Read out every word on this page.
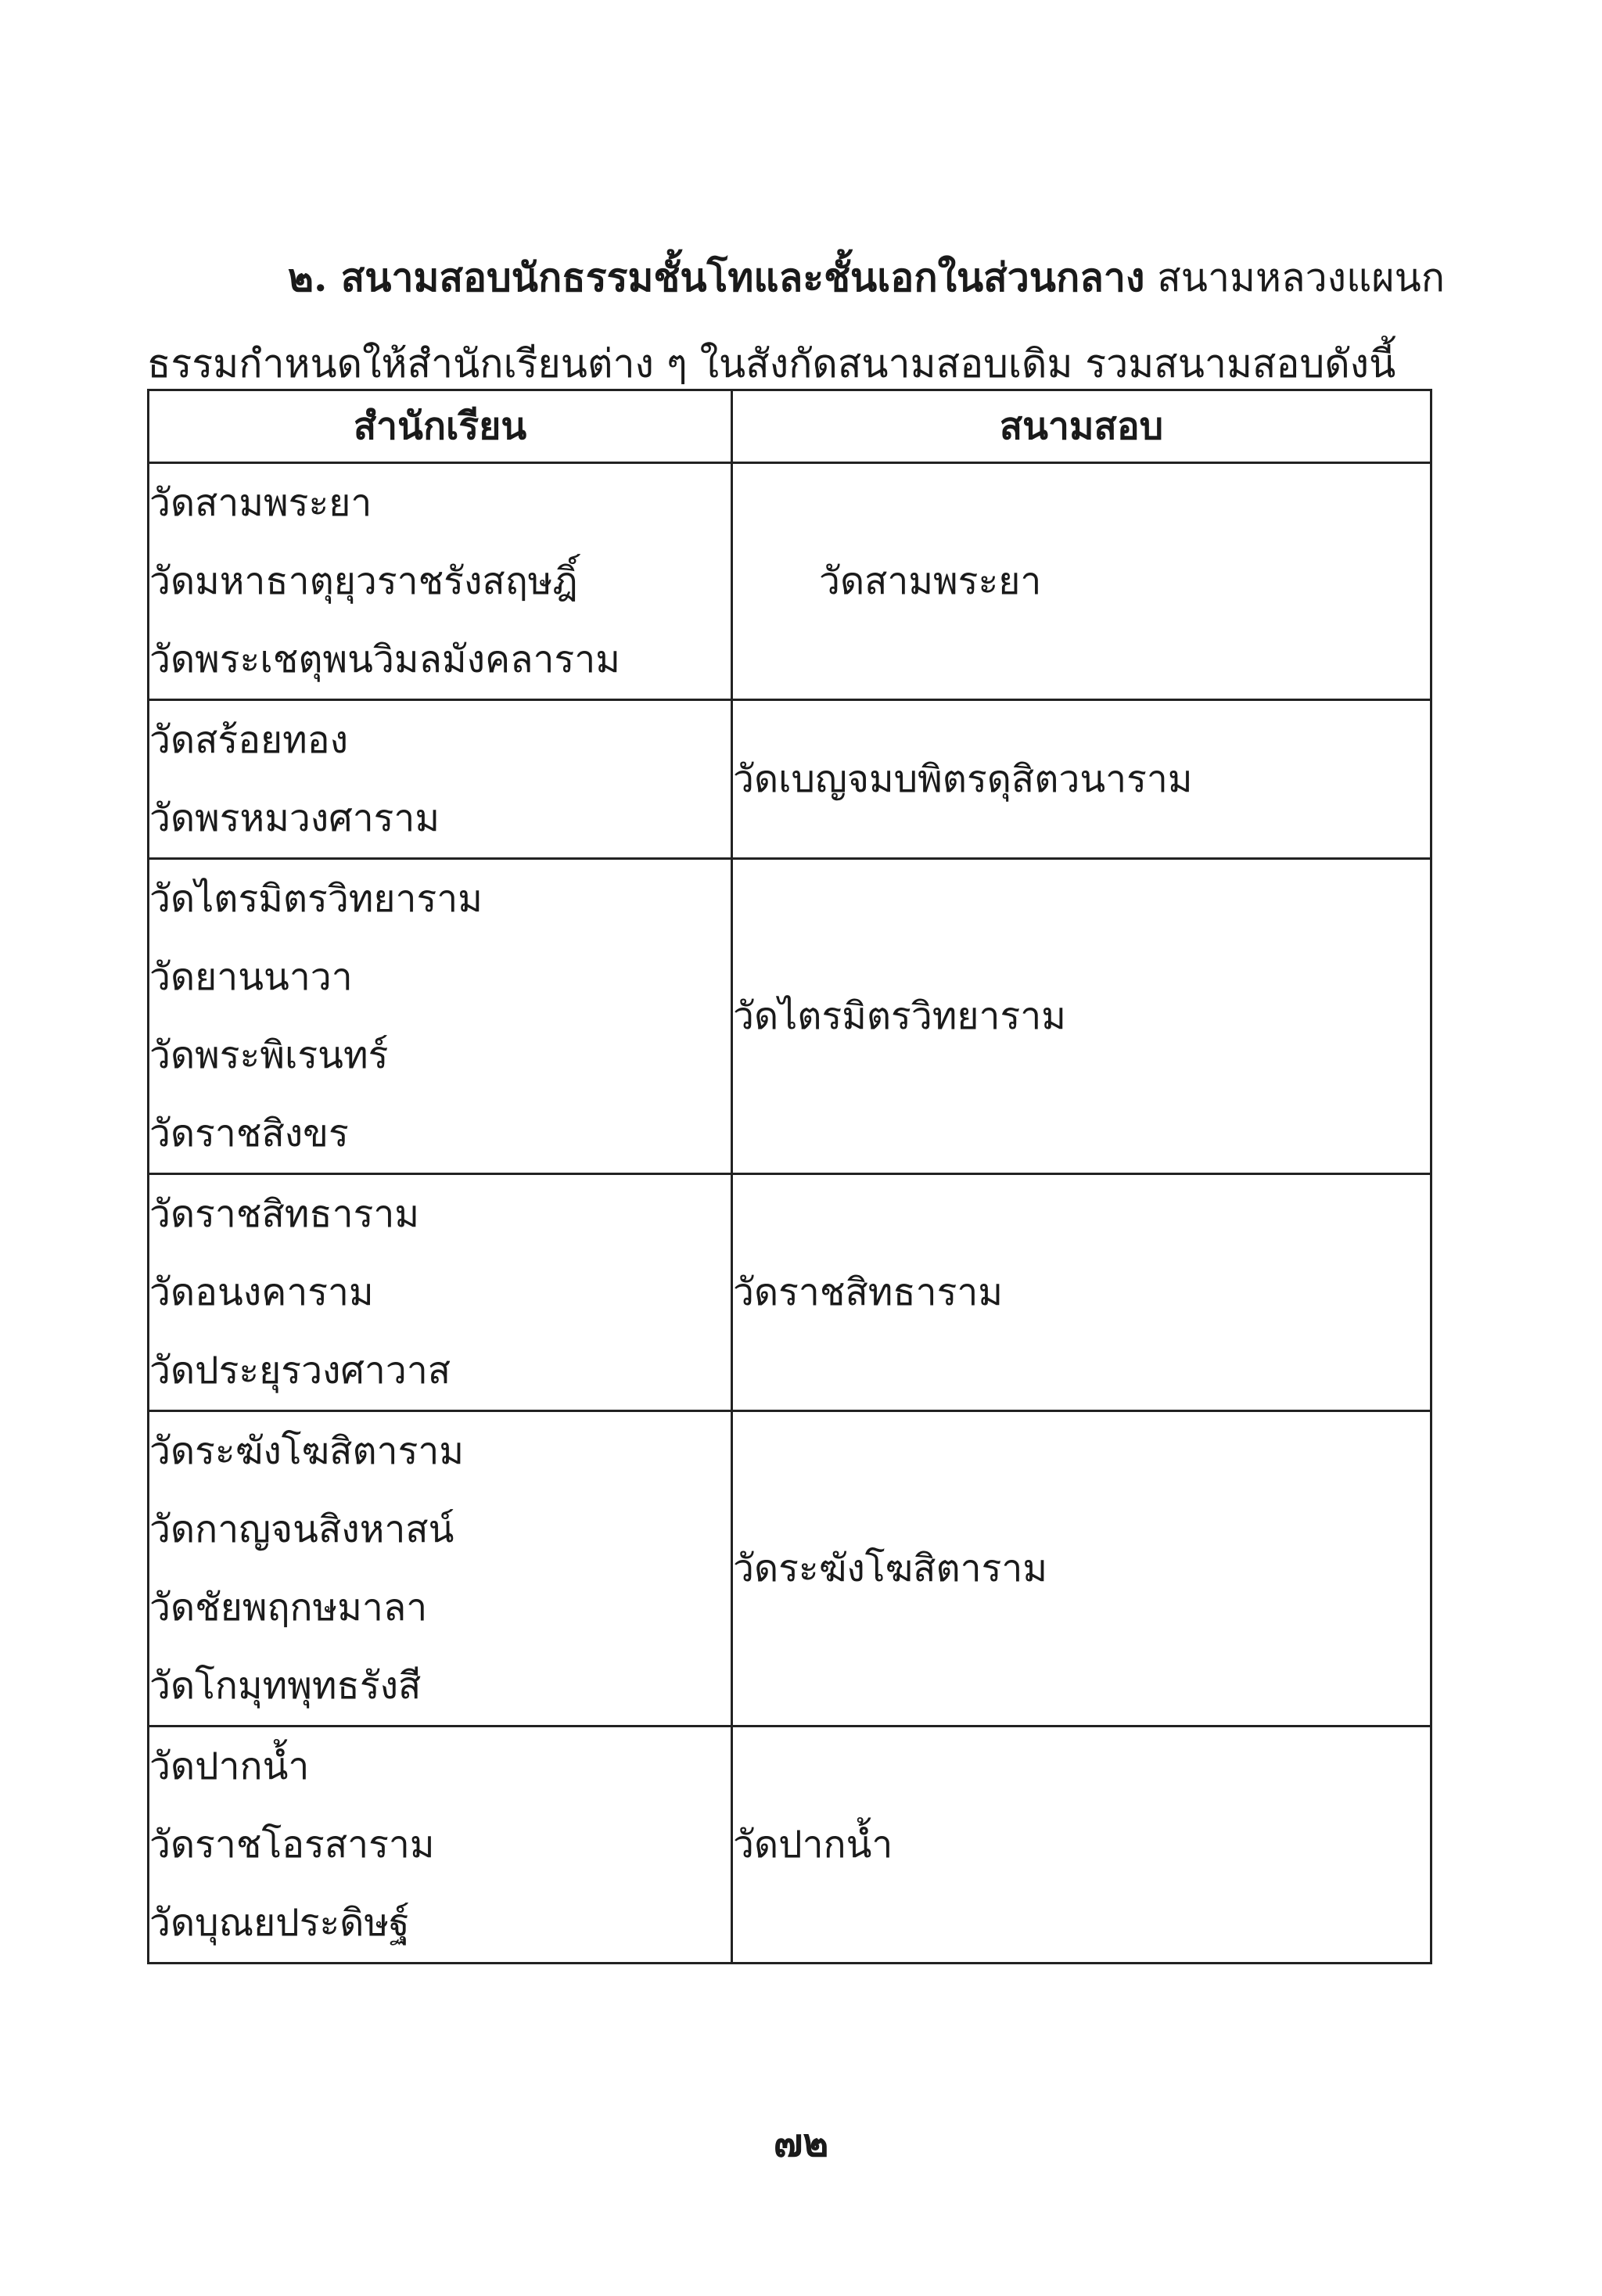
๒. สนามสอบนักธรรมชั้นโทและชั้นเอกในส่วนกลาง สนามหลวงแผนก
ธรรมกำหนดให้สำนักเรียนต่าง ๆ ในสังกัดสนามสอบเดิม รวมสนามสอบดังนี้
สำนักเรียน	สนามสอบ

วัดสามพระยา
วัดมหาธาตุยุวราชรังสฤษฎิ์
วัดพระเชตุพนวิมลมังคลาราม	วัดสามพระยา

วัดสร้อยทอง
วัดพรหมวงศาราม	วัดเบญจมบพิตรดุสิตวนาราม

วัดไตรมิตรวิทยาราม
วัดยานนาวา
วัดพระพิเรนทร์
วัดราชสิงขร	วัดไตรมิตรวิทยาราม

วัดราชสิทธาราม
วัดอนงคาราม
วัดประยุรวงศาวาส	วัดราชสิทธาราม

วัดระฆังโฆสิตาราม
วัดกาญจนสิงหาสน์
วัดชัยพฤกษมาลา
วัดโกมุทพุทธรังสี	วัดระฆังโฆสิตาราม

วัดปากน้ำ
วัดราชโอรสาราม
วัดบุณยประดิษฐ์	วัดปากน้ำ
๗๒
